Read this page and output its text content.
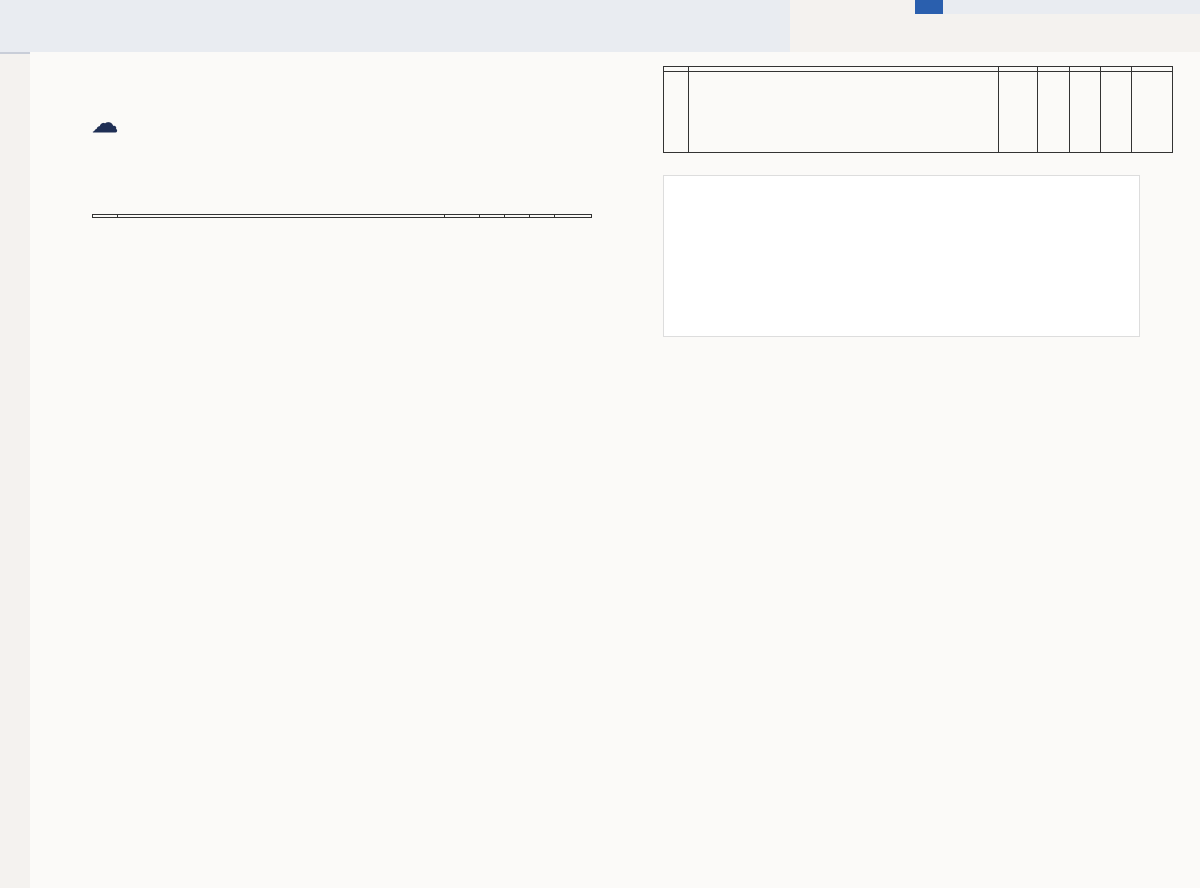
☁
